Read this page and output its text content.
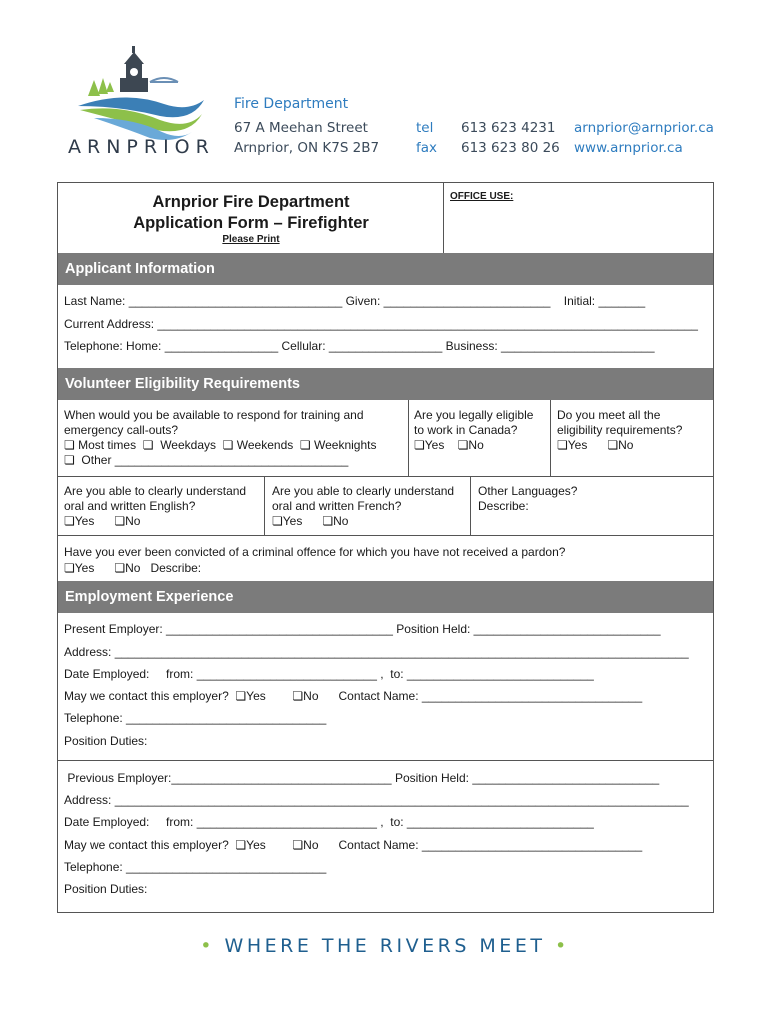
ARNPRIOR
Fire Department
67 A Meehan Street
Arnprior, ON K7S 2B7
tel
fax
613 623 4231
613 623 80 26
arnprior@arnprior.ca
www.arnprior.ca
Arnprior Fire Department
Application Form – Firefighter
Please Print
OFFICE USE:
Applicant Information
Last Name: ________________________________ Given: _________________________    Initial: _______
Current Address: _________________________________________________________________________________
Telephone: Home: _________________ Cellular: _________________ Business: _______________________
Volunteer Eligibility Requirements
When would you be available to respond for training and
emergency call-outs?
❏ Most times  ❏  Weekdays  ❏ Weekends  ❏ Weeknights
❏  Other ___________________________________
Are you legally eligible
to work in Canada?
❏Yes    ❏No
Do you meet all the
eligibility requirements?
❏Yes      ❏No
Are you able to clearly understand
oral and written English?
❏Yes      ❏No
Are you able to clearly understand
oral and written French?
❏Yes      ❏No
Other Languages?
Describe:
Have you ever been convicted of a criminal offence for which you have not received a pardon?
❏Yes      ❏No   Describe:
Employment Experience
Present Employer: __________________________________ Position Held: ____________________________
Address: ______________________________________________________________________________________
Date Employed:     from: ___________________________ ,  to: ____________________________
May we contact this employer?  ❏Yes        ❏No      Contact Name: _________________________________
Telephone: ______________________________
Position Duties:
Previous Employer:_________________________________ Position Held: ____________________________
Address: ______________________________________________________________________________________
Date Employed:     from: ___________________________ ,  to: ____________________________
May we contact this employer?  ❏Yes        ❏No      Contact Name: _________________________________
Telephone: ______________________________
Position Duties:
• WHERE THE RIVERS MEET •
